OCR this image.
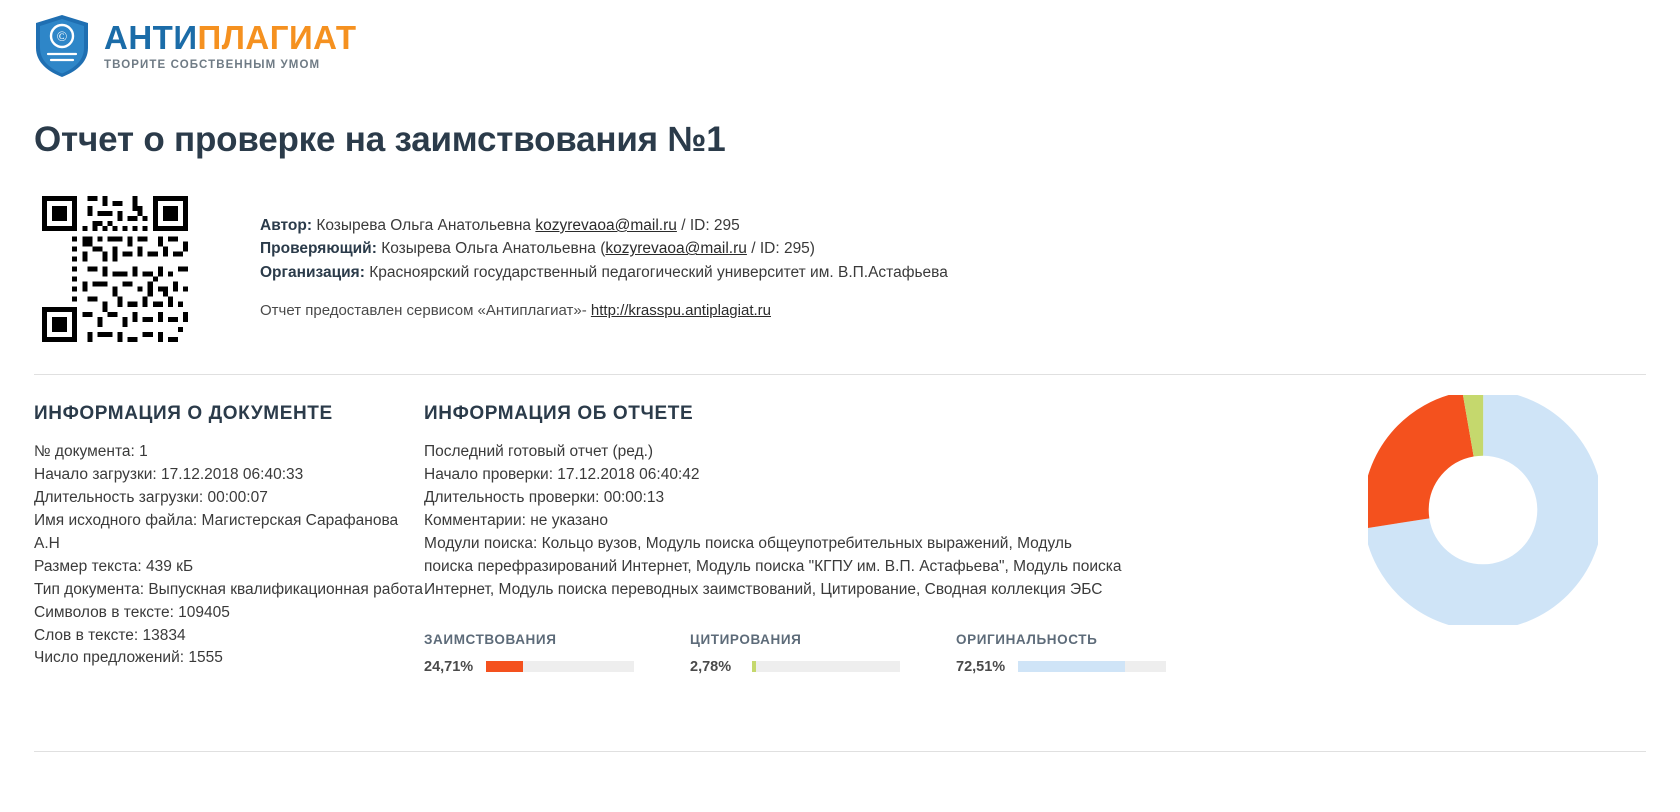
© АНТИПЛАГИАТ
ТВОРИТЕ СОБСТВЕННЫМ УМОМ
Отчет о проверке на заимствования №1
Автор: Козырева Ольга Анатольевна kozyrevaoa@mail.ru / ID: 295
Проверяющий: Козырева Ольга Анатольевна (kozyrevaoa@mail.ru / ID: 295)
Организация: Красноярский государственный педагогический университет им. В.П.Астафьева
Отчет предоставлен сервисом «Антиплагиат»- http://krasspu.antiplagiat.ru
ИНФОРМАЦИЯ О ДОКУМЕНТЕ
№ документа: 1
Начало загрузки: 17.12.2018 06:40:33
Длительность загрузки: 00:00:07
Имя исходного файла: Магистерская Сарафанова А.Н
Размер текста: 439 кБ
Тип документа: Выпускная квалификационная работа
Символов в тексте: 109405
Слов в тексте: 13834
Число предложений: 1555
ИНФОРМАЦИЯ ОБ ОТЧЕТЕ
Последний готовый отчет (ред.)
Начало проверки: 17.12.2018 06:40:42
Длительность проверки: 00:00:13
Комментарии: не указано
Модули поиска: Кольцо вузов, Модуль поиска общеупотребительных выражений, Модуль поиска перефразирований Интернет, Модуль поиска "КГПУ им. В.П. Астафьева", Модуль поиска Интернет, Модуль поиска переводных заимствований, Цитирование, Сводная коллекция ЭБС
ЗАИМСТВОВАНИЯ
24,71%
ЦИТИРОВАНИЯ
2,78%
ОРИГИНАЛЬНОСТЬ
72,51%
